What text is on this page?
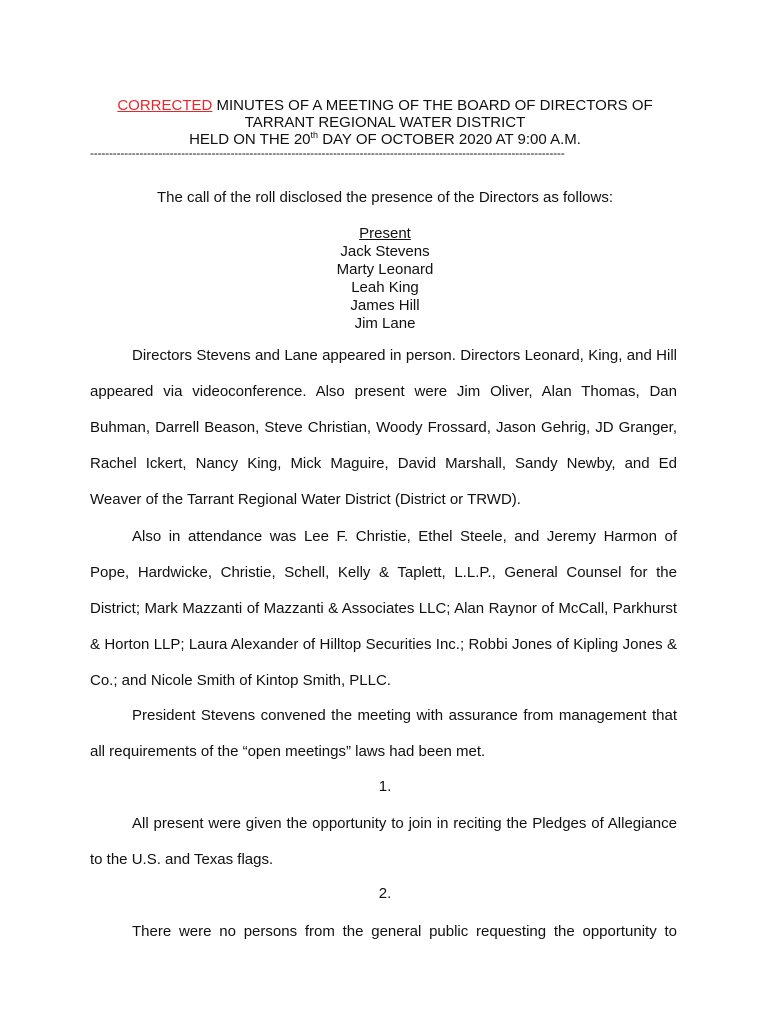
CORRECTED MINUTES OF A MEETING OF THE BOARD OF DIRECTORS OF
TARRANT REGIONAL WATER DISTRICT
HELD ON THE 20th DAY OF OCTOBER 2020 AT 9:00 A.M.
-----------------------------------------------------------------------------------------------------------------------------
The call of the roll disclosed the presence of the Directors as follows:
Present
Jack Stevens
Marty Leonard
Leah King
James Hill
Jim Lane

Directors Stevens and Lane appeared in person. Directors Leonard, King, and Hill appeared via videoconference. Also present were Jim Oliver, Alan Thomas, Dan Buhman, Darrell Beason, Steve Christian, Woody Frossard, Jason Gehrig, JD Granger, Rachel Ickert, Nancy King, Mick Maguire, David Marshall, Sandy Newby, and Ed Weaver of the Tarrant Regional Water District (District or TRWD).

Also in attendance was Lee F. Christie, Ethel Steele, and Jeremy Harmon of Pope, Hardwicke, Christie, Schell, Kelly & Taplett, L.L.P., General Counsel for the District; Mark Mazzanti of Mazzanti & Associates LLC; Alan Raynor of McCall, Parkhurst & Horton LLP; Laura Alexander of Hilltop Securities Inc.; Robbi Jones of Kipling Jones & Co.; and Nicole Smith of Kintop Smith, PLLC.

President Stevens convened the meeting with assurance from management that all requirements of the “open meetings” laws had been met.

1.

All present were given the opportunity to join in reciting the Pledges of Allegiance to the U.S. and Texas flags.

2.

There were no persons from the general public requesting the opportunity to
